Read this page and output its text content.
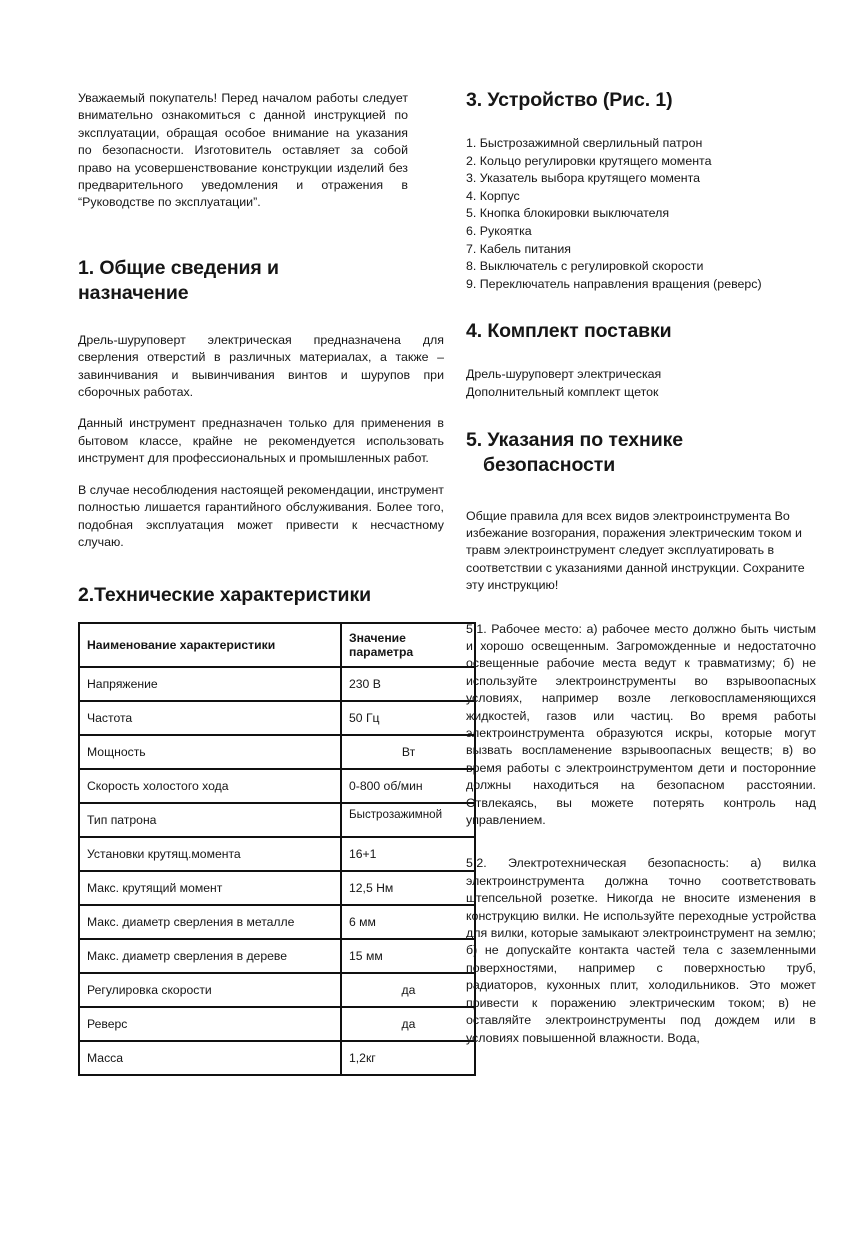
Уважаемый покупатель! Перед началом работы следует внимательно ознакомиться с данной инструкцией по эксплуатации, обращая особое внимание на указания по безопасности. Изготовитель оставляет за собой право на усовершенствование конструкции изделий без предварительного уведомления и отражения в “Руководстве по эксплуатации”.

1. Общие сведения и
назначение

Дрель-шуруповерт электрическая предназначена для сверления отверстий в различных материалах, а также – завинчивания и вывинчивания винтов и шурупов при сборочных работах.

Данный инструмент предназначен только для применения в бытовом классе, крайне не рекомендуется использовать инструмент для профессиональных и промышленных работ.

В случае несоблюдения настоящей рекомендации, инструмент полностью лишается гарантийного обслуживания. Более того, подобная эксплуатация может привести к несчастному случаю.

2.Технические характеристики
Наименование характеристики	Значение
параметра
Напряжение	230 В
Частота	50 Гц
Мощность	Вт
Скорость холостого хода	0-800 об/мин
Тип патрона	Быстрозажимной
Установки крутящ.момента	16+1
Макс. крутящий момент	12,5 Нм
Макс. диаметр сверления в металле	6 мм
Макс. диаметр сверления в дереве	15 мм
Регулировка скорости	да
Реверс	да
Масса	1,2кг
3. Устройство (Рис. 1)
1. Быстрозажимной сверлильный патрон
2. Кольцо регулировки крутящего момента
3. Указатель выбора крутящего момента
4. Корпус
5. Кнопка блокировки выключателя
6. Рукоятка
7. Кабель питания
8. Выключатель с регулировкой скорости
9. Переключатель направления вращения (реверс)
4. Комплект поставки
Дрель-шуруповерт электрическая
Дополнительный комплект щеток
5. Указания по технике
безопасности

Общие правила для всех видов электроинструмента Во избежание возгорания, поражения электрическим током и травм электроинструмент следует эксплуатировать в соответствии с указаниями данной инструкции. Сохраните эту инструкцию!

5.1. Рабочее место: а) рабочее место должно быть чистым и хорошо освещенным. Загроможденные и недостаточно освещенные рабочие места ведут к травматизму; б) не используйте электроинструменты во взрывоопасных условиях, например возле легковоспламеняющихся жидкостей, газов или частиц. Во время работы электроинструмента образуются искры, которые могут вызвать воспламенение взрывоопасных веществ; в) во время работы с электроинструментом дети и посторонние должны находиться на безопасном расстоянии. Отвлекаясь, вы можете потерять контроль над управлением.

5.2. Электротехническая безопасность: а) вилка электроинструмента должна точно соответствовать штепсельной розетке. Никогда не вносите изменения в конструкцию вилки. Не используйте переходные устройства для вилки, которые замыкают электроинструмент на землю; б) не допускайте контакта частей тела с заземленными поверхностями, например с поверхностью труб, радиаторов, кухонных плит, холодильников. Это может привести к поражению электрическим током; в) не оставляйте электроинструменты под дождем или в условиях повышенной влажности. Вода,
